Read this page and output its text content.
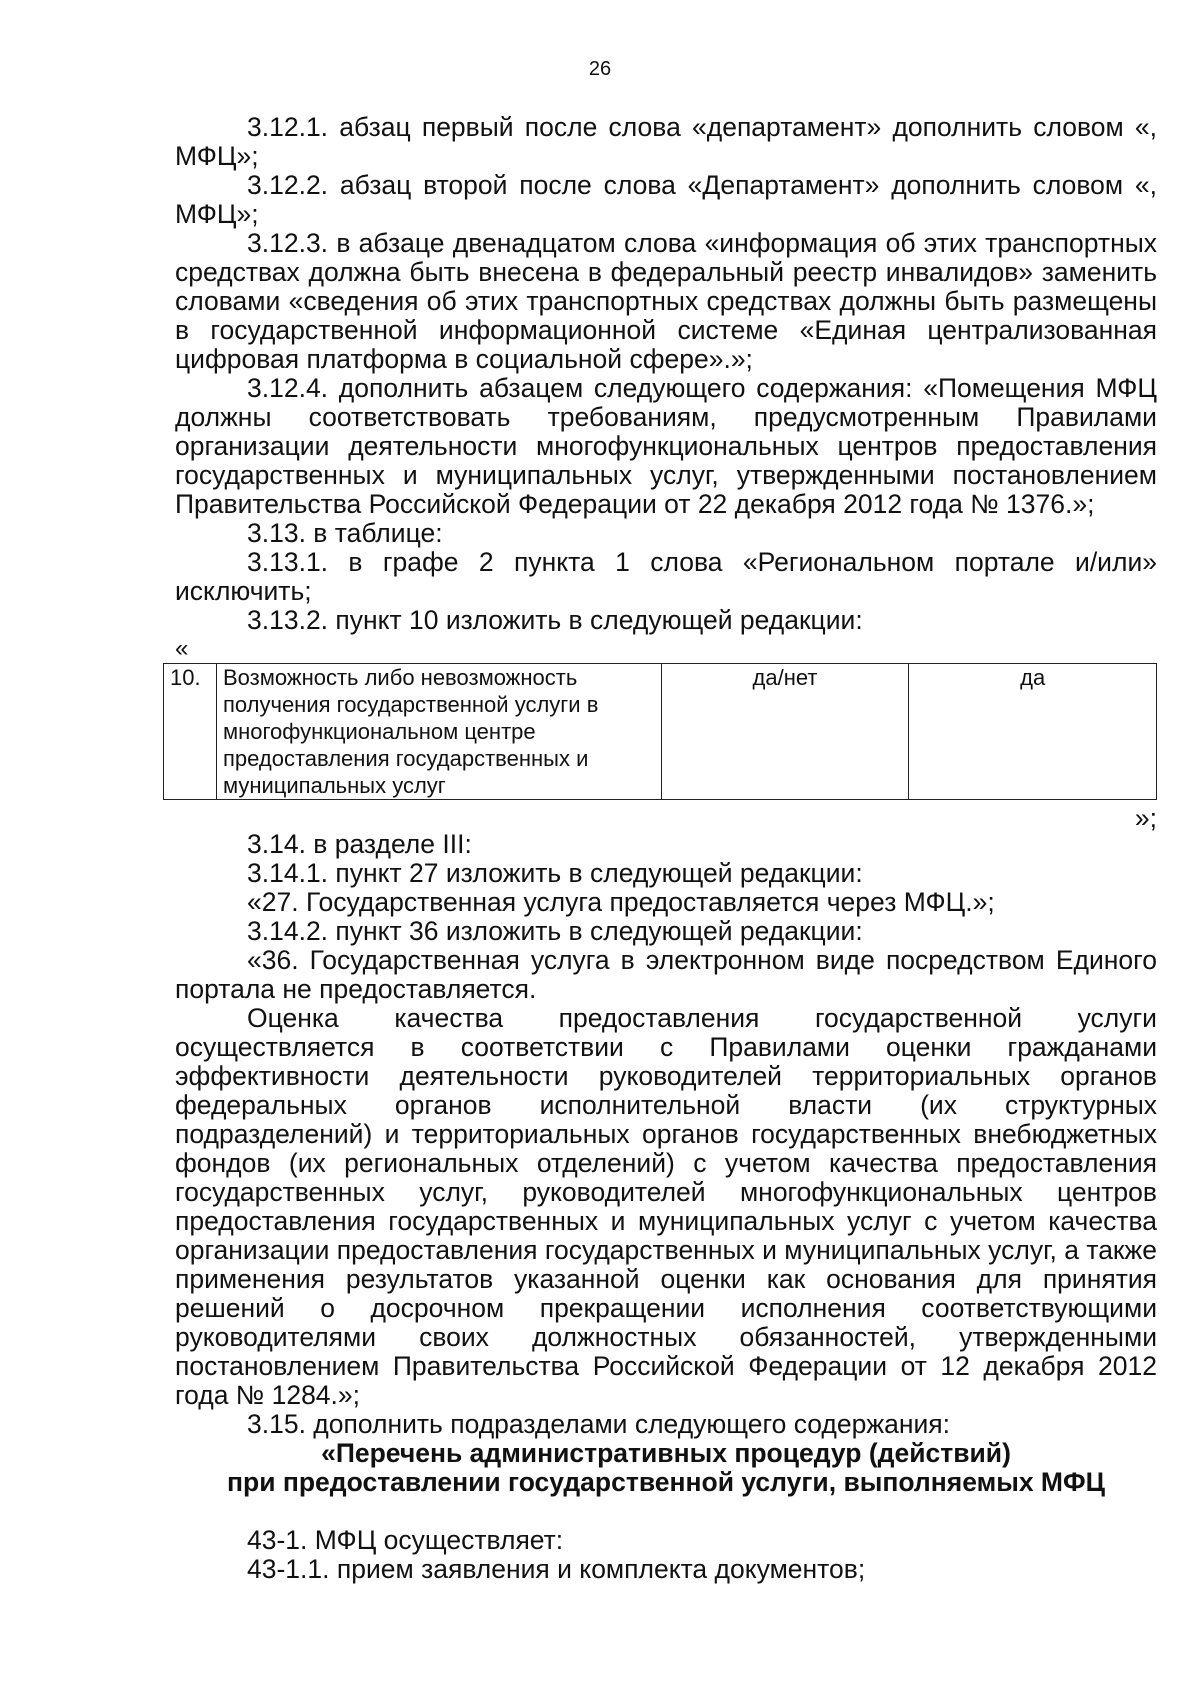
26

3.12.1. абзац первый после слова «департамент» дополнить словом «, МФЦ»;

3.12.2. абзац второй после слова «Департамент» дополнить словом «, МФЦ»;

3.12.3. в абзаце двенадцатом слова «информация об этих транспортных средствах должна быть внесена в федеральный реестр инвалидов» заменить словами «сведения об этих транспортных средствах должны быть размещены в государственной информационной системе «Единая централизованная цифровая платформа в социальной сфере».»;

3.12.4. дополнить абзацем следующего содержания: «Помещения МФЦ должны соответствовать требованиям, предусмотренным Правилами организации деятельности многофункциональных центров предоставления государственных и муниципальных услуг, утвержденными постановлением Правительства Российской Федерации от 22 декабря 2012 года № 1376.»;

3.13. в таблице:

3.13.1. в графе 2 пункта 1 слова «Региональном портале и/или» исключить;

3.13.2. пункт 10 изложить в следующей редакции:

«

10.	Возможность либо невозможность получения государственной услуги в многофункциональном центре предоставления государственных и муниципальных услуг	да/нет	да

»;

3.14. в разделе III:

3.14.1. пункт 27 изложить в следующей редакции:

«27. Государственная услуга предоставляется через МФЦ.»;

3.14.2. пункт 36 изложить в следующей редакции:

«36. Государственная услуга в электронном виде посредством Единого портала не предоставляется.

Оценка качества предоставления государственной услуги осуществляется в соответствии с Правилами оценки гражданами эффективности деятельности руководителей территориальных органов федеральных органов исполнительной власти (их структурных подразделений) и территориальных органов государственных внебюджетных фондов (их региональных отделений) с учетом качества предоставления государственных услуг, руководителей многофункциональных центров предоставления государственных и муниципальных услуг с учетом качества организации предоставления государственных и муниципальных услуг, а также применения результатов указанной оценки как основания для принятия решений о досрочном прекращении исполнения соответствующими руководителями своих должностных обязанностей, утвержденными постановлением Правительства Российской Федерации от 12 декабря 2012 года № 1284.»;

3.15. дополнить подразделами следующего содержания:

«Перечень административных процедур (действий)

при предоставлении государственной услуги, выполняемых МФЦ

43-1. МФЦ осуществляет:

43-1.1. прием заявления и комплекта документов;
